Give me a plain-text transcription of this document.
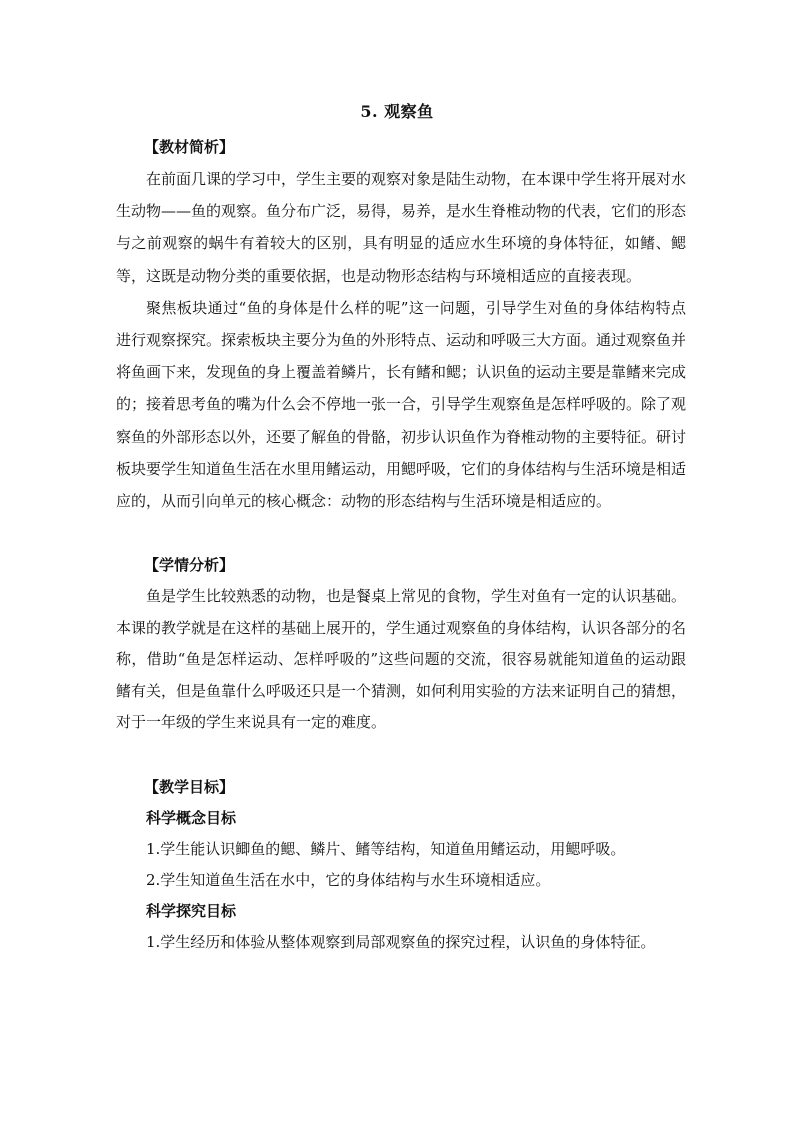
5. 观察鱼

【教材简析】

在前面几课的学习中，学生主要的观察对象是陆生动物，在本课中学生将开展对水生动物——鱼的观察。鱼分布广泛，易得，易养，是水生脊椎动物的代表，它们的形态与之前观察的蜗牛有着较大的区别，具有明显的适应水生环境的身体特征，如鳍、鳃等，这既是动物分类的重要依据，也是动物形态结构与环境相适应的直接表现。

聚焦板块通过“鱼的身体是什么样的呢”这一问题，引导学生对鱼的身体结构特点进行观察探究。探索板块主要分为鱼的外形特点、运动和呼吸三大方面。通过观察鱼并将鱼画下来，发现鱼的身上覆盖着鳞片，长有鳍和鳃；认识鱼的运动主要是靠鳍来完成的；接着思考鱼的嘴为什么会不停地一张一合，引导学生观察鱼是怎样呼吸的。除了观察鱼的外部形态以外，还要了解鱼的骨骼，初步认识鱼作为脊椎动物的主要特征。研讨板块要学生知道鱼生活在水里用鳍运动，用鳃呼吸，它们的身体结构与生活环境是相适应的，从而引向单元的核心概念：动物的形态结构与生活环境是相适应的。

【学情分析】

鱼是学生比较熟悉的动物，也是餐桌上常见的食物，学生对鱼有一定的认识基础。本课的教学就是在这样的基础上展开的，学生通过观察鱼的身体结构，认识各部分的名称，借助“鱼是怎样运动、怎样呼吸的”这些问题的交流，很容易就能知道鱼的运动跟鳍有关，但是鱼靠什么呼吸还只是一个猜测，如何利用实验的方法来证明自己的猜想，对于一年级的学生来说具有一定的难度。

【教学目标】

科学概念目标

1.学生能认识鲫鱼的鳃、鳞片、鳍等结构，知道鱼用鳍运动，用鳃呼吸。

2.学生知道鱼生活在水中，它的身体结构与水生环境相适应。

科学探究目标

1.学生经历和体验从整体观察到局部观察鱼的探究过程，认识鱼的身体特征。
